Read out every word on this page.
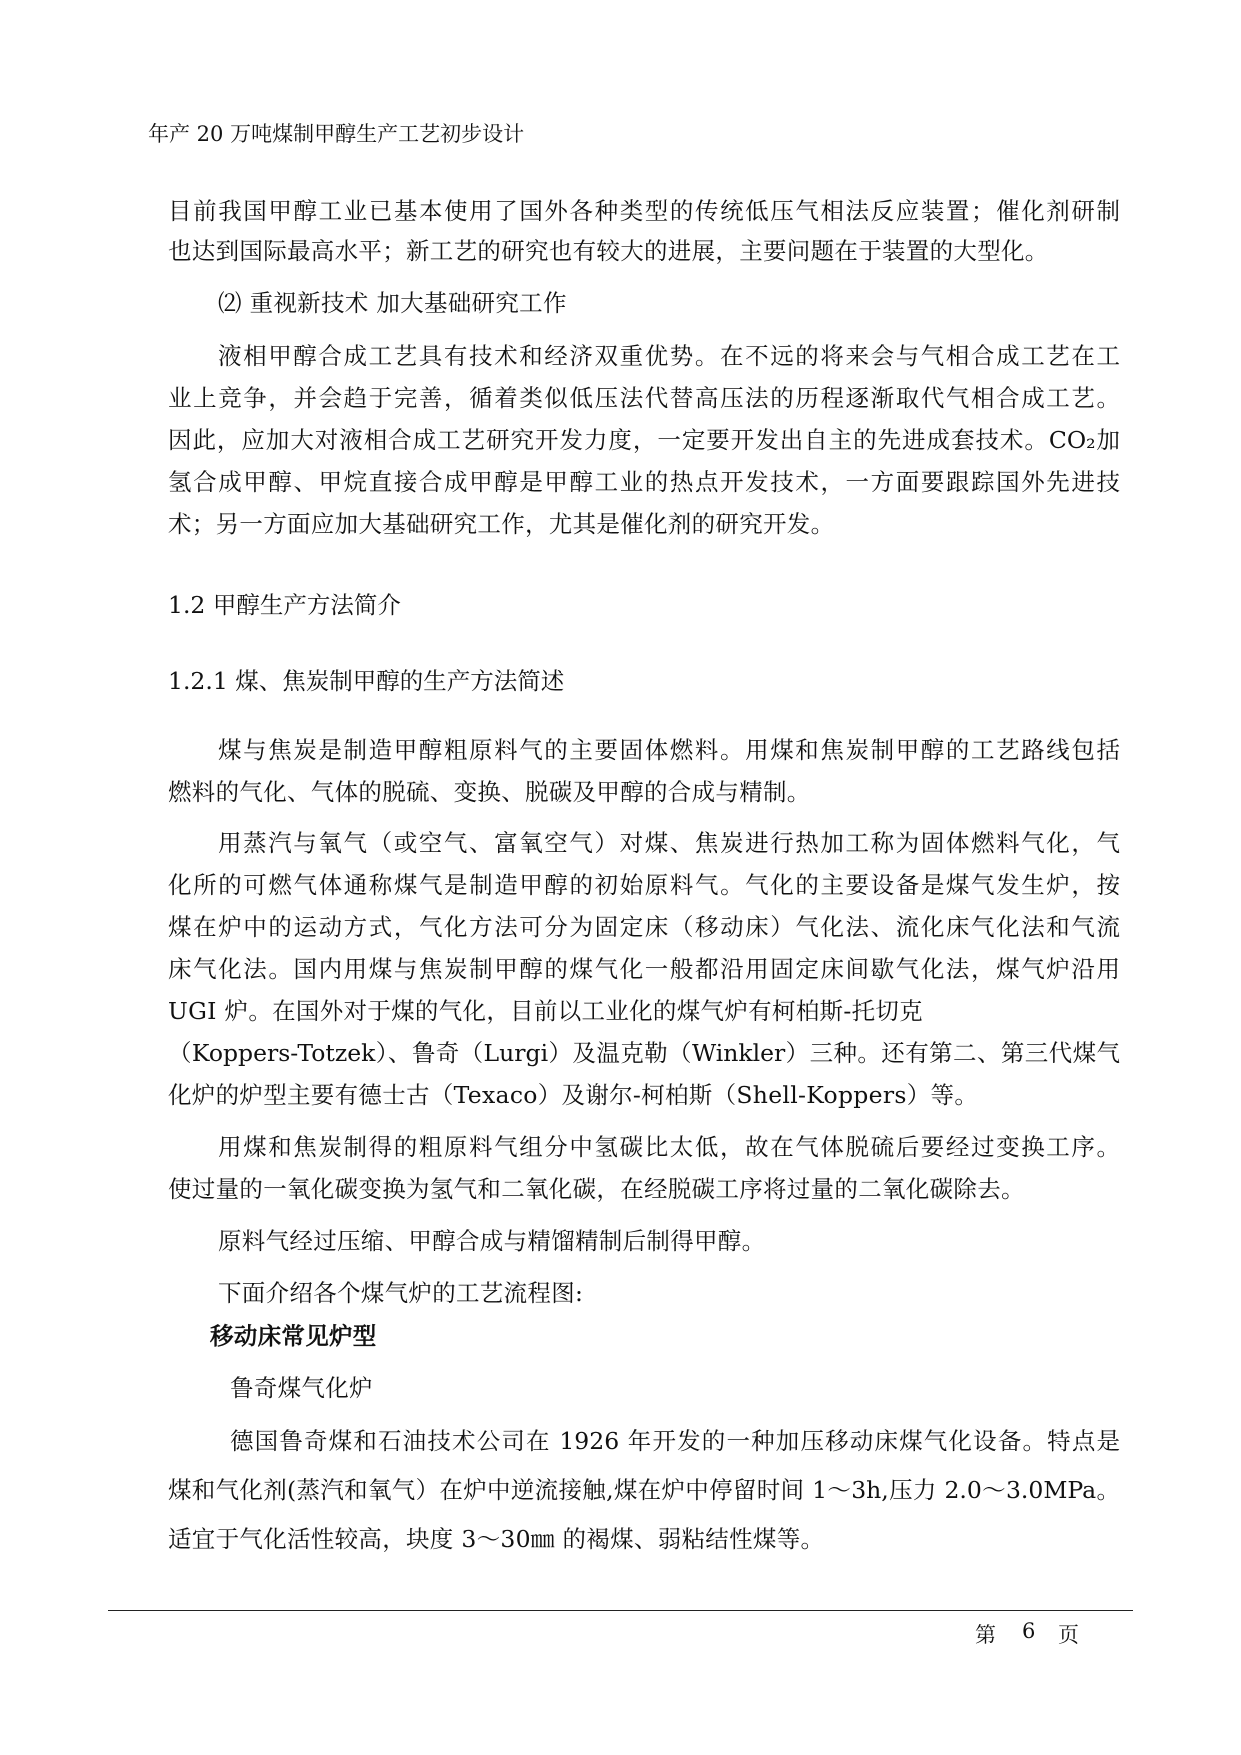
年产 20 万吨煤制甲醇生产工艺初步设计

目前我国甲醇工业已基本使用了国外各种类型的传统低压气相法反应装置；催化剂研制

也达到国际最高水平；新工艺的研究也有较大的进展，主要问题在于装置的大型化。

⑵ 重视新技术 加大基础研究工作

液相甲醇合成工艺具有技术和经济双重优势。在不远的将来会与气相合成工艺在工

业上竞争，并会趋于完善，循着类似低压法代替高压法的历程逐渐取代气相合成工艺。

因此，应加大对液相合成工艺研究开发力度，一定要开发出自主的先进成套技术。CO₂加

氢合成甲醇、甲烷直接合成甲醇是甲醇工业的热点开发技术，一方面要跟踪国外先进技

术；另一方面应加大基础研究工作，尤其是催化剂的研究开发。

1.2 甲醇生产方法简介
1.2.1 煤、焦炭制甲醇的生产方法简述

煤与焦炭是制造甲醇粗原料气的主要固体燃料。用煤和焦炭制甲醇的工艺路线包括

燃料的气化、气体的脱硫、变换、脱碳及甲醇的合成与精制。

用蒸汽与氧气（或空气、富氧空气）对煤、焦炭进行热加工称为固体燃料气化，气

化所的可燃气体通称煤气是制造甲醇的初始原料气。气化的主要设备是煤气发生炉，按

煤在炉中的运动方式，气化方法可分为固定床（移动床）气化法、流化床气化法和气流

床气化法。国内用煤与焦炭制甲醇的煤气化一般都沿用固定床间歇气化法，煤气炉沿用

UGI 炉。在国外对于煤的气化，目前以工业化的煤气炉有柯柏斯-托切克

（Koppers-Totzek）、鲁奇（Lurgi）及温克勒（Winkler）三种。还有第二、第三代煤气

化炉的炉型主要有德士古（Texaco）及谢尔-柯柏斯（Shell-Koppers）等。

用煤和焦炭制得的粗原料气组分中氢碳比太低，故在气体脱硫后要经过变换工序。

使过量的一氧化碳变换为氢气和二氧化碳，在经脱碳工序将过量的二氧化碳除去。

原料气经过压缩、甲醇合成与精馏精制后制得甲醇。

下面介绍各个煤气炉的工艺流程图:

移动床常见炉型

鲁奇煤气化炉

德国鲁奇煤和石油技术公司在 1926 年开发的一种加压移动床煤气化设备。特点是

煤和气化剂(蒸汽和氧气）在炉中逆流接触,煤在炉中停留时间 1～3h,压力 2.0～3.0MPa。

适宜于气化活性较高，块度 3～30㎜ 的褐煤、弱粘结性煤等。

第 6 页
